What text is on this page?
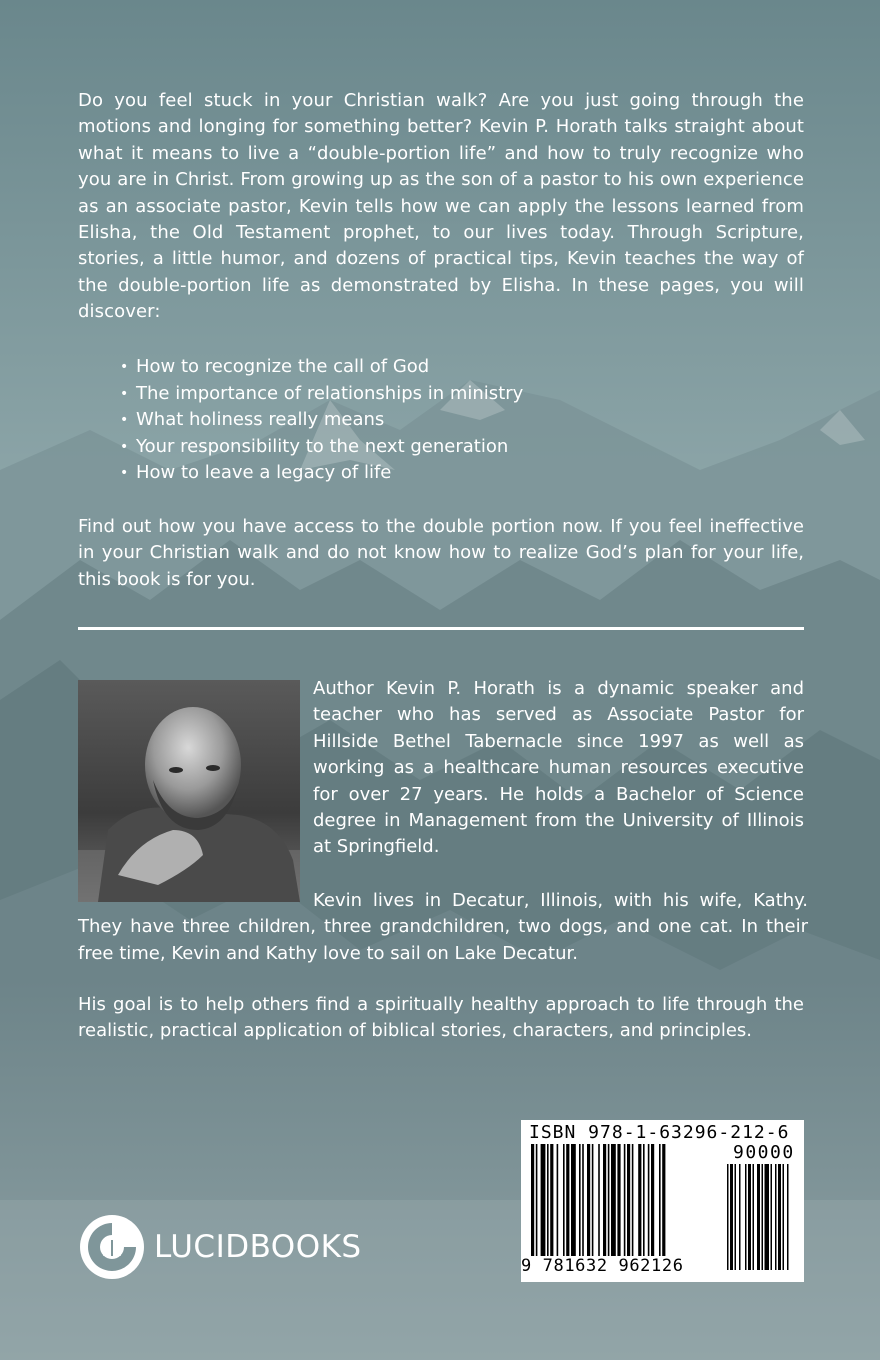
Do you feel stuck in your Christian walk? Are you just going through the motions and longing for something better? Kevin P. Horath talks straight about what it means to live a “double-portion life” and how to truly recognize who you are in Christ. From growing up as the son of a pastor to his own experience as an associate pastor, Kevin tells how we can apply the lessons learned from Elisha, the Old Testament prophet, to our lives today. Through Scripture, stories, a little humor, and dozens of practical tips, Kevin teaches the way of the double-portion life as demonstrated by Elisha. In these pages, you will discover:

• How to recognize the call of God
• The importance of relationships in ministry
• What holiness really means
• Your responsibility to the next generation
• How to leave a legacy of life

Find out how you have access to the double portion now. If you feel ineffective in your Christian walk and do not know how to realize God’s plan for your life, this book is for you.

Author Kevin P. Horath is a dynamic speaker and teacher who has served as Associate Pastor for Hillside Bethel Tabernacle since 1997 as well as working as a healthcare human resources executive for over 27 years. He holds a Bachelor of Science degree in Management from the University of Illinois at Springfield.

Kevin lives in Decatur, Illinois, with his wife, Kathy. They have three children, three grandchildren, two dogs, and one cat. In their free time, Kevin and Kathy love to sail on Lake Decatur.

His goal is to help others find a spiritually healthy approach to life through the realistic, practical application of biblical stories, characters, and principles.

LUCIDBOOKS
ISBN 978-1-63296-212-6
90000
9 781632 962126
